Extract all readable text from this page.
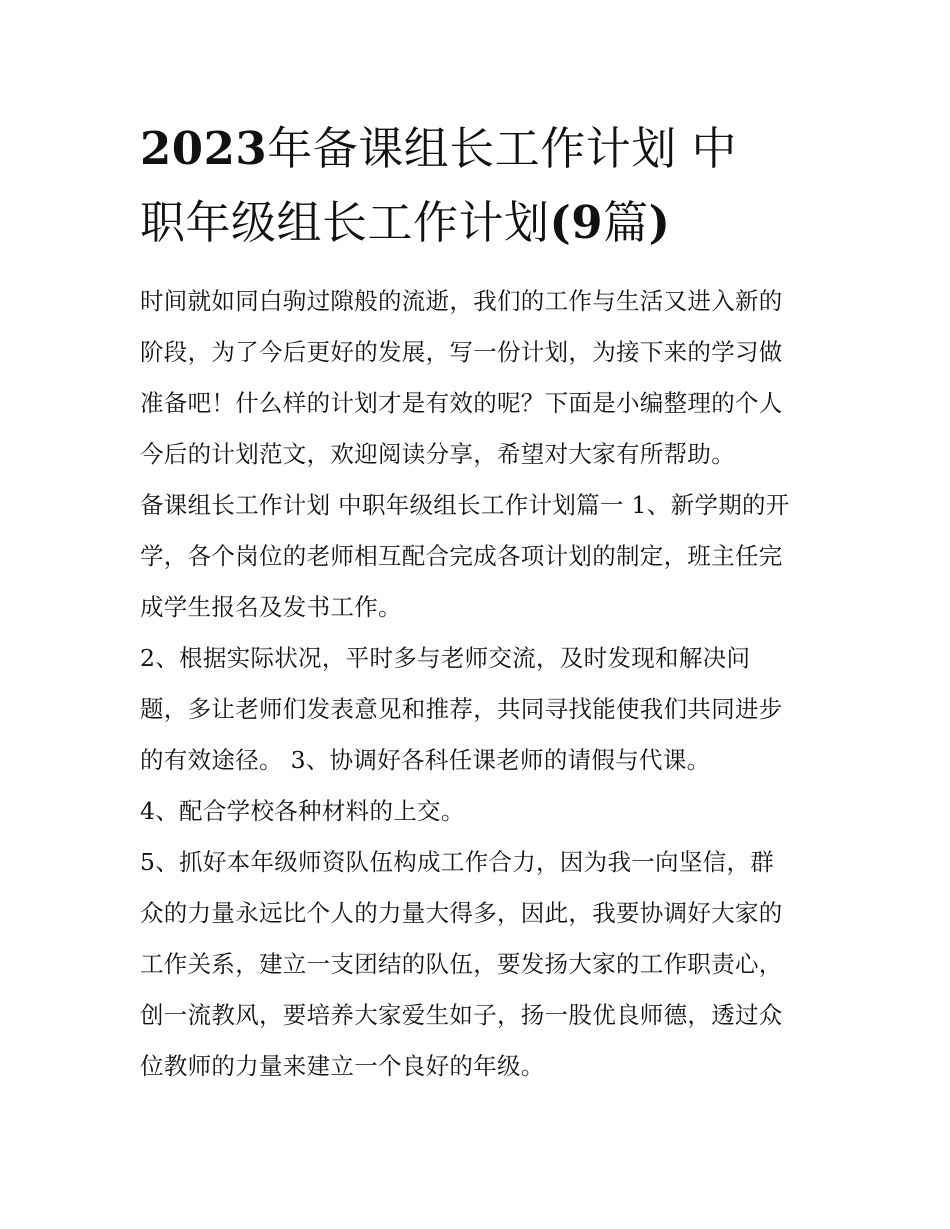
2023年备课组长工作计划 中
职年级组长工作计划(9篇)

时间就如同白驹过隙般的流逝，我们的工作与生活又进入新的
阶段，为了今后更好的发展，写一份计划，为接下来的学习做
准备吧！什么样的计划才是有效的呢？下面是小编整理的个人
今后的计划范文，欢迎阅读分享，希望对大家有所帮助。

备课组长工作计划 中职年级组长工作计划篇一 1、新学期的开
学，各个岗位的老师相互配合完成各项计划的制定，班主任完
成学生报名及发书工作。

2、根据实际状况，平时多与老师交流，及时发现和解决问
题，多让老师们发表意见和推荐，共同寻找能使我们共同进步
的有效途径。 3、协调好各科任课老师的请假与代课。

4、配合学校各种材料的上交。

5、抓好本年级师资队伍构成工作合力，因为我一向坚信，群
众的力量永远比个人的力量大得多，因此，我要协调好大家的
工作关系，建立一支团结的队伍，要发扬大家的工作职责心，
创一流教风，要培养大家爱生如子，扬一股优良师德，透过众
位教师的力量来建立一个良好的年级。
